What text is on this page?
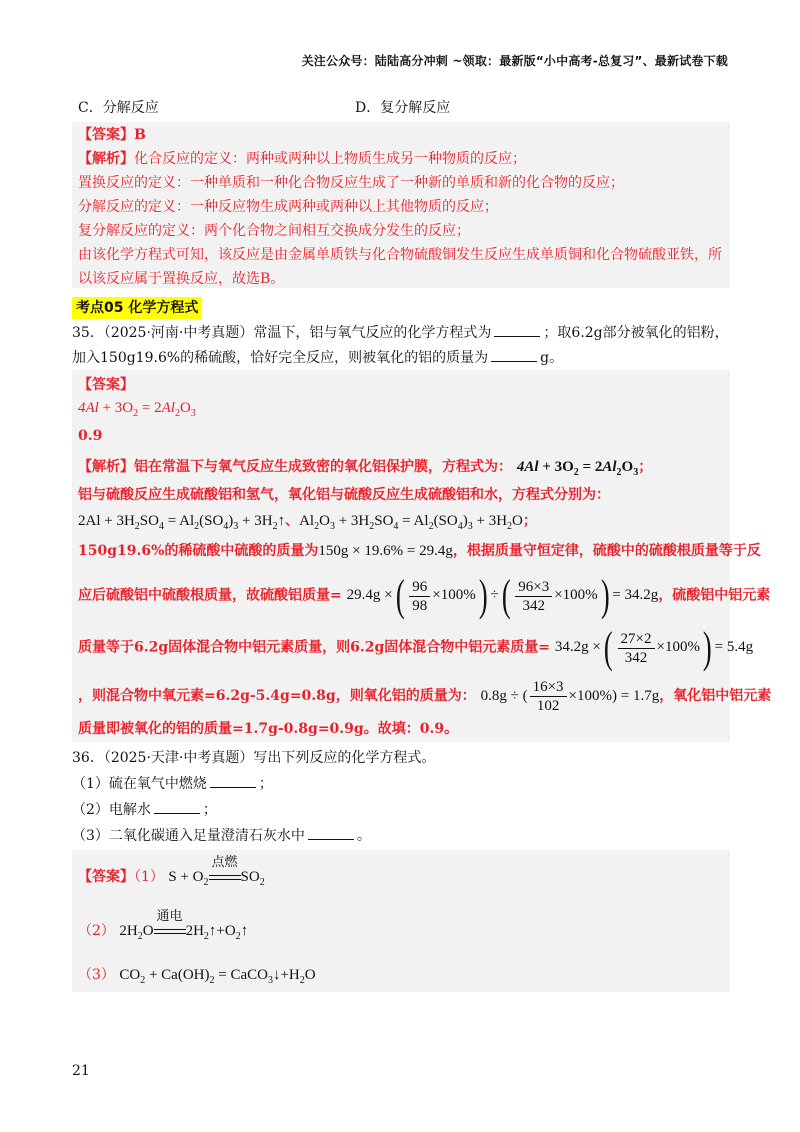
关注公众号：陆陆高分冲刺 ~领取：最新版“小中高考-总复习”、最新试卷下载
C．分解反应	D．复分解反应
【答案】B
【解析】化合反应的定义：两种或两种以上物质生成另一种物质的反应；
置换反应的定义：一种单质和一种化合物反应生成了一种新的单质和新的化合物的反应；
分解反应的定义：一种反应物生成两种或两种以上其他物质的反应；
复分解反应的定义：两个化合物之间相互交换成分发生的反应；
由该化学方程式可知，该反应是由金属单质铁与化合物硫酸铜发生反应生成单质铜和化合物硫酸亚铁，所
以该反应属于置换反应，故选B。
考点05 化学方程式
35．（2025·河南·中考真题）常温下，铝与氧气反应的化学方程式为	；取6.2g部分被氧化的铝粉，
加入150g19.6%的稀硫酸，恰好完全反应，则被氧化的铝的质量为	g。
【答案】
$4Al + 3O_2 = 2Al_2O_3$
0.9
【解析】铝在常温下与氧气反应生成致密的氧化铝保护膜，方程式为： $4Al + 3O_2 = 2Al_2O_3$；
铝与硫酸反应生成硫酸铝和氢气，氧化铝与硫酸反应生成硫酸铝和水，方程式分别为：
$2Al + 3H_2SO_4 = Al_2(SO_4)_3$ + $3H_2↑$、$Al_2O_3 + 3H_2SO_4 = Al_2(SO_4)_3 + 3H_2O$；
150g19.6%的稀硫酸中硫酸的质量为150g × 19.6% = 29.4g，根据质量守恒定律，硫酸中的硫酸根质量等于反
应后硫酸铝中硫酸根质量，故硫酸铝质量= 29.4g ×( $\frac{96}{98} \times 100\%$) ÷( $\frac{96\times 3}{342} \times 100\%) = 34.2g$，硫酸铝中铝元素
质量等于6.2g固体混合物中铝元素质量，则6.2g固体混合物中铝元素质量= 34.2g ×( $\frac{27\times 2}{342} \times 100\%) = 5.4g$
，则混合物中氧元素=6.2g-5.4g=0.8g，则氧化铝的质量为： 0.8g ÷ ( $\frac{16\times 3}{102} \times 100\%) = 1.7g$，氧化铝中铝元素
质量即被氧化的铝的质量=1.7g-0.8g=0.9g。故填：0.9。
36．（2025·天津·中考真题）写出下列反应的化学方程式。
（1）硫在氧气中燃烧	；
（2）电解水	；
（3）二氧化碳通入足量澄清石灰水中	。
【答案】（1） $S + O_2$
点燃
$SO_2$
（2） $2H_2O$
通电
$2H_2↑+O_2↑$
（3） $CO_2 + Ca(OH)_2$ = $CaCO_3↓+H_2O$
21
